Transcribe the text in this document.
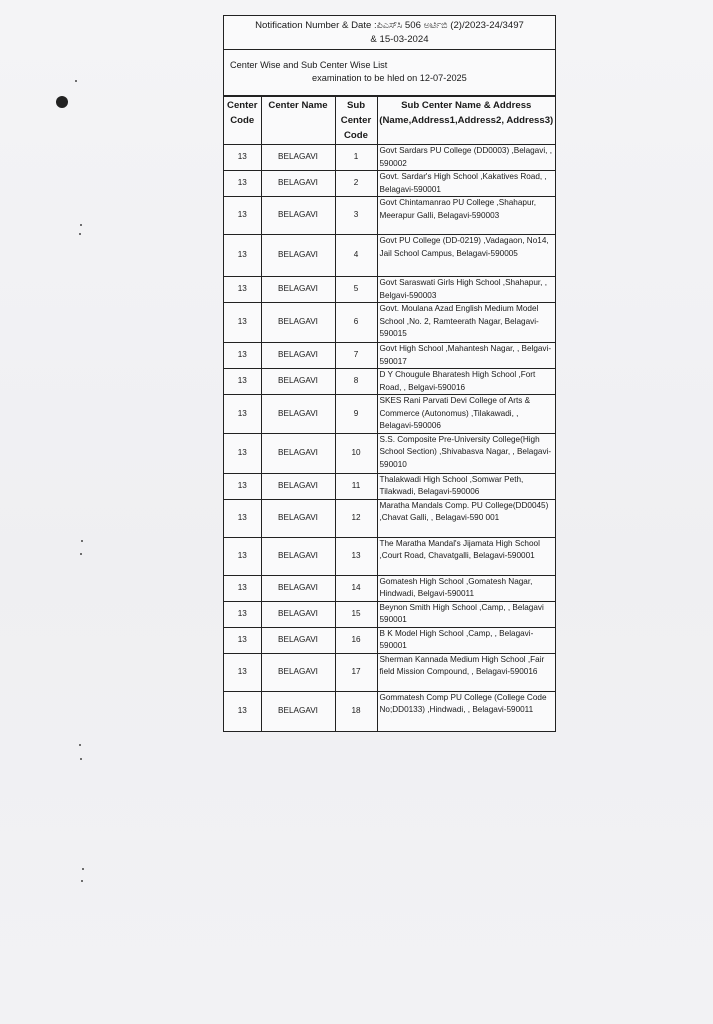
Notification Number & Date :ಪಿಎಸ್‌ಸಿ 506 ಅರ್ಟಿಬಿ (2)/2023-24/3497
& 15-03-2024
Center Wise and Sub Center Wise List
examination to be hled on 12-07-2025
Center Code	Center Name	Sub Center Code	Sub Center Name & Address (Name,Address1,Address2, Address3)
13	BELAGAVI	1	Govt Sardars PU College (DD0003) ,Belagavi, , 590002
13	BELAGAVI	2	Govt. Sardar's High School ,Kakatives Road, , Belagavi-590001
13	BELAGAVI	3	Govt Chintamanrao PU College ,Shahapur, Meerapur Galli, Belagavi-590003
13	BELAGAVI	4	Govt PU College (DD-0219) ,Vadagaon, No14, Jail School Campus, Belagavi-590005
13	BELAGAVI	5	Govt Saraswati Girls High School ,Shahapur, , Belgavi-590003
13	BELAGAVI	6	Govt. Moulana Azad English Medium Model School ,No. 2, Ramteerath Nagar, Belagavi-590015
13	BELAGAVI	7	Govt High School ,Mahantesh Nagar, , Belgavi-590017
13	BELAGAVI	8	D Y Chougule Bharatesh High School ,Fort Road, , Belgavi-590016
13	BELAGAVI	9	SKES Rani Parvati Devi College of Arts & Commerce (Autonomus) ,Tilakawadi, , Belagavi-590006
13	BELAGAVI	10	S.S. Composite Pre-University College(High School Section) ,Shivabasva Nagar, , Belagavi-590010
13	BELAGAVI	11	Thalakwadi High School ,Somwar Peth, Tilakwadi, Belagavi-590006
13	BELAGAVI	12	Maratha Mandals Comp. PU College(DD0045) ,Chavat Galli, , Belagavi-590 001
13	BELAGAVI	13	The Maratha Mandal's Jijamata High School ,Court Road, Chavatgalli, Belagavi-590001
13	BELAGAVI	14	Gomatesh High School ,Gomatesh Nagar, Hindwadi, Belgavi-590011
13	BELAGAVI	15	Beynon Smith High School ,Camp, , Belagavi 590001
13	BELAGAVI	16	B K Model High School ,Camp, , Belagavi-590001
13	BELAGAVI	17	Sherman Kannada Medium High School ,Fair field Mission Compound, , Belagavi-590016
13	BELAGAVI	18	Gommatesh Comp PU College (College Code No;DD0133) ,Hindwadi, , Belagavi-590011
